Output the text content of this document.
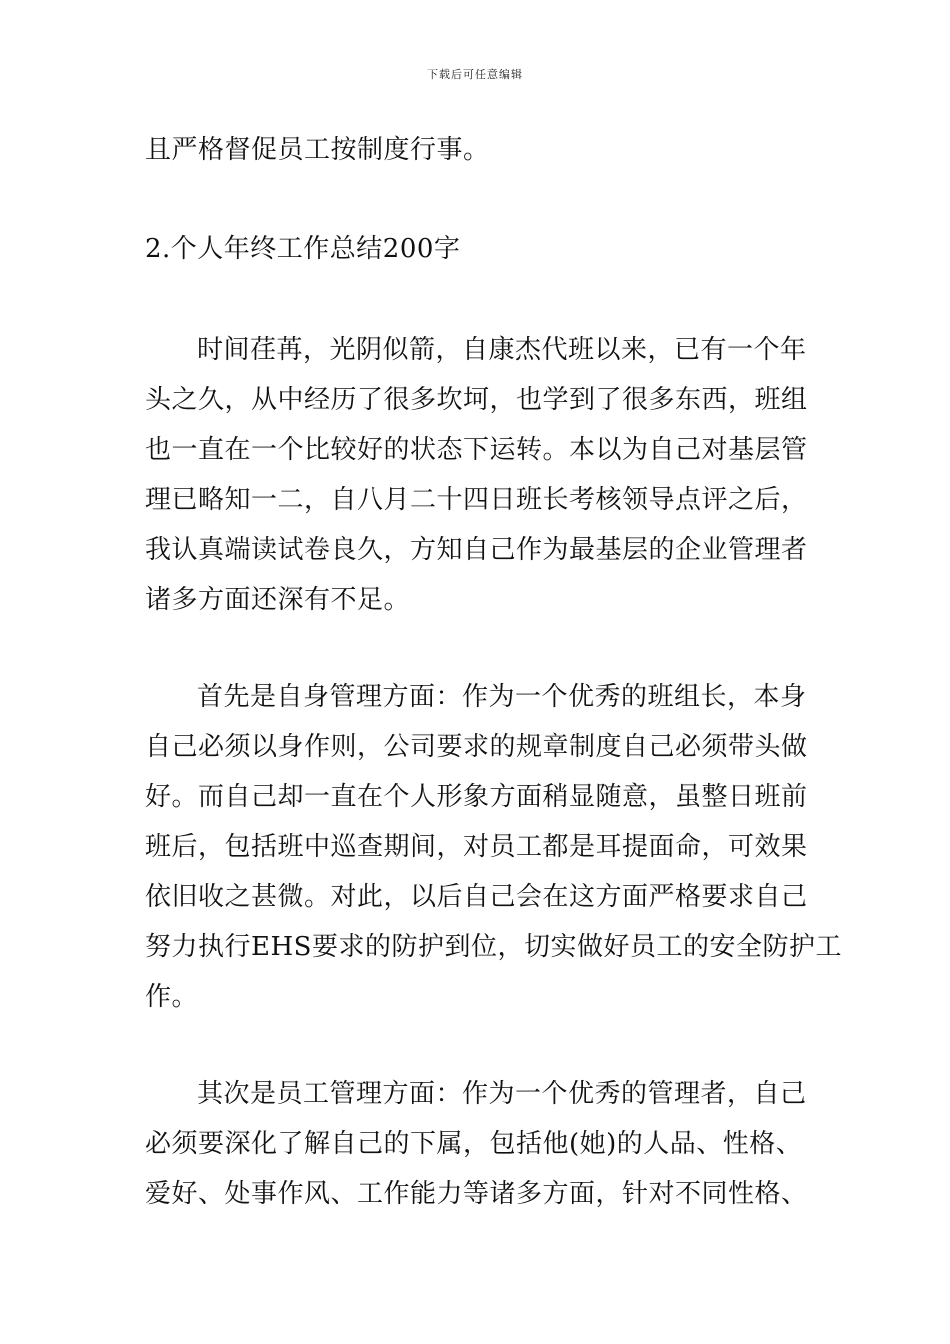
下载后可任意编辑
且严格督促员工按制度行事。
2.个人年终工作总结200字
时间荏苒，光阴似箭，自康杰代班以来，已有一个年
头之久，从中经历了很多坎坷，也学到了很多东西，班组
也一直在一个比较好的状态下运转。本以为自己对基层管
理已略知一二，自八月二十四日班长考核领导点评之后，
我认真端读试卷良久，方知自己作为最基层的企业管理者
诸多方面还深有不足。
首先是自身管理方面：作为一个优秀的班组长，本身
自己必须以身作则，公司要求的规章制度自己必须带头做
好。而自己却一直在个人形象方面稍显随意，虽整日班前
班后，包括班中巡查期间，对员工都是耳提面命，可效果
依旧收之甚微。对此，以后自己会在这方面严格要求自己
努力执行EHS要求的防护到位，切实做好员工的安全防护工
作。
其次是员工管理方面：作为一个优秀的管理者，自己
必须要深化了解自己的下属，包括他(她)的人品、性格、
爱好、处事作风、工作能力等诸多方面，针对不同性格、
